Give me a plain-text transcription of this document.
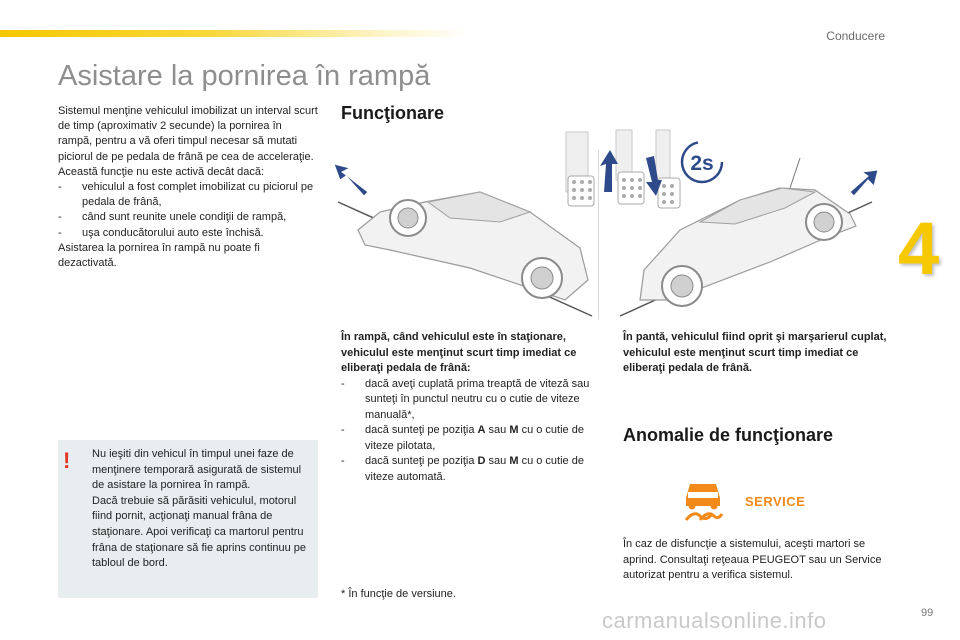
Conducere
4
Asistare la pornirea în rampă

Sistemul menţine vehiculul imobilizat un interval scurt de timp (aproximativ 2 secunde) la pornirea în rampă, pentru a vă oferi timpul necesar să mutati piciorul de pe pedala de frână pe cea de acceleraţie.

Această funcţie nu este activă decât dacă:

-	vehiculul a fost complet imobilizat cu piciorul pe pedala de frână,
-	când sunt reunite unele condiţii de rampă,
-	uşa conducătorului auto este închisă.

Asistarea la pornirea în rampă nu poate fi dezactivată.

! Nu ieşiti din vehicul în timpul unei faze de menţinere temporară asigurată de sistemul de asistare la pornirea în rampă.
Dacă trebuie să părăsiti vehiculul, motorul fiind pornit, acţionaţi manual frâna de staţionare. Apoi verificaţi ca martorul pentru frâna de staţionare să fie aprins continuu pe tabloul de bord.
Funcţionare
2s
În rampă, când vehiculul este în staţionare, vehiculul este menţinut scurt timp imediat ce eliberaţi pedala de frână:
-	dacă aveţi cuplată prima treaptă de viteză sau sunteţi în punctul neutru cu o cutie de viteze manuală*,
-	dacă sunteţi pe poziţia A sau M cu o cutie de viteze pilotata,
-	dacă sunteţi pe poziţia D sau M cu o cutie de viteze automată.
În pantă, vehiculul fiind oprit şi marşarierul cuplat, vehiculul este menţinut scurt timp imediat ce eliberaţi pedala de frână.
* În funcţie de versiune.
Anomalie de funcţionare
SERVICE
În caz de disfuncţie a sistemului, aceşti martori se aprind. Consultaţi reţeaua PEUGEOT sau un Service autorizat pentru a verifica sistemul.
carmanualsonline.info	99
